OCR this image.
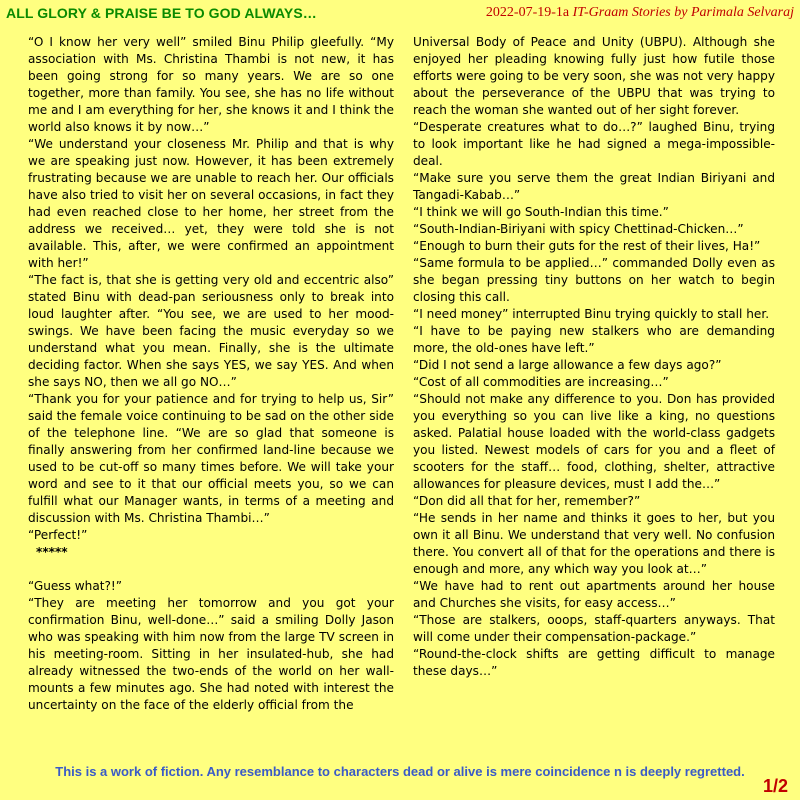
ALL GLORY & PRAISE BE TO GOD ALWAYS…	2022-07-19-1a IT-Graam Stories by Parimala Selvaraj

“O I know her very well” smiled Binu Philip gleefully. “My association with Ms. Christina Thambi is not new, it has been going strong for so many years. We are so one together, more than family. You see, she has no life without me and I am everything for her, she knows it and I think the world also knows it by now…”

“We understand your closeness Mr. Philip and that is why we are speaking just now. However, it has been extremely frustrating because we are unable to reach her. Our officials have also tried to visit her on several occasions, in fact they had even reached close to her home, her street from the address we received… yet, they were told she is not available. This, after, we were confirmed an appointment with her!”

“The fact is, that she is getting very old and eccentric also” stated Binu with dead-pan seriousness only to break into loud laughter after. “You see, we are used to her mood-swings. We have been facing the music everyday so we understand what you mean. Finally, she is the ultimate deciding factor. When she says YES, we say YES. And when she says NO, then we all go NO…”

“Thank you for your patience and for trying to help us, Sir” said the female voice continuing to be sad on the other side of the telephone line. “We are so glad that someone is finally answering from her confirmed land-line because we used to be cut-off so many times before. We will take your word and see to it that our official meets you, so we can fulfill what our Manager wants, in terms of a meeting and discussion with Ms. Christina Thambi…”

“Perfect!”

*****

“Guess what?!”

“They are meeting her tomorrow and you got your confirmation Binu, well-done…” said a smiling Dolly Jason who was speaking with him now from the large TV screen in his meeting-room. Sitting in her insulated-hub, she had already witnessed the two-ends of the world on her wall-mounts a few minutes ago. She had noted with interest the uncertainty on the face of the elderly official from the

Universal Body of Peace and Unity (UBPU). Although she enjoyed her pleading knowing fully just how futile those efforts were going to be very soon, she was not very happy about the perseverance of the UBPU that was trying to reach the woman she wanted out of her sight forever.

“Desperate creatures what to do…?” laughed Binu, trying to look important like he had signed a mega-impossible-deal.

“Make sure you serve them the great Indian Biriyani and Tangadi-Kabab…”

“I think we will go South-Indian this time.”

“South-Indian-Biriyani with spicy Chettinad-Chicken…”

“Enough to burn their guts for the rest of their lives, Ha!”

“Same formula to be applied…” commanded Dolly even as she began pressing tiny buttons on her watch to begin closing this call.

“I need money” interrupted Binu trying quickly to stall her.

“I have to be paying new stalkers who are demanding more, the old-ones have left.”

“Did I not send a large allowance a few days ago?”

“Cost of all commodities are increasing…”

“Should not make any difference to you. Don has provided you everything so you can live like a king, no questions asked. Palatial house loaded with the world-class gadgets you listed. Newest models of cars for you and a fleet of scooters for the staff… food, clothing, shelter, attractive allowances for pleasure devices, must I add the…”

“Don did all that for her, remember?”

“He sends in her name and thinks it goes to her, but you own it all Binu. We understand that very well. No confusion there. You convert all of that for the operations and there is enough and more, any which way you look at…”

“We have had to rent out apartments around her house and Churches she visits, for easy access…”

“Those are stalkers, ooops, staff-quarters anyways. That will come under their compensation-package.”

“Round-the-clock shifts are getting difficult to manage these days…”

This is a work of fiction. Any resemblance to characters dead or alive is mere coincidence n is deeply regretted.
1/2
